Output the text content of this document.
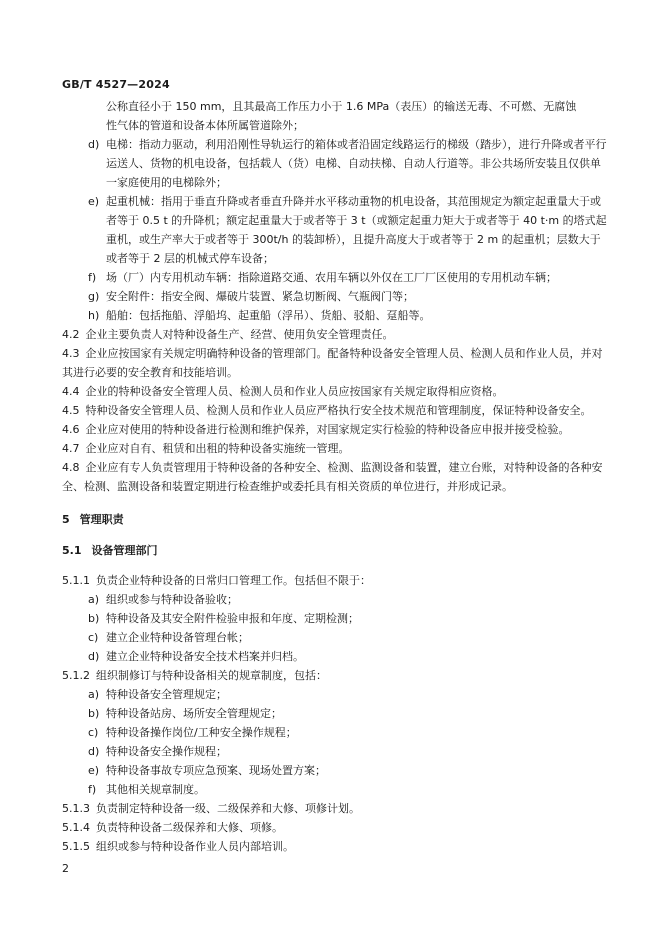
GB/T 4527—2024
公称直径小于 150 mm，且其最高工作压力小于 1.6 MPa（表压）的输送无毒、不可燃、无腐蚀
性气体的管道和设备本体所属管道除外；
d) 电梯：指动力驱动，利用沿刚性导轨运行的箱体或者沿固定线路运行的梯级（踏步），进行升降或者平行运送人、货物的机电设备，包括载人（货）电梯、自动扶梯、自动人行道等。非公共场所安装且仅供单一家庭使用的电梯除外；
e) 起重机械：指用于垂直升降或者垂直升降并水平移动重物的机电设备，其范围规定为额定起重量大于或者等于 0.5 t 的升降机；额定起重量大于或者等于 3 t（或额定起重力矩大于或者等于 40 t·m 的塔式起重机，或生产率大于或者等于 300t/h 的装卸桥），且提升高度大于或者等于 2 m 的起重机；层数大于或者等于 2 层的机械式停车设备；
f) 场（厂）内专用机动车辆：指除道路交通、农用车辆以外仅在工厂厂区使用的专用机动车辆；
g) 安全附件：指安全阀、爆破片装置、紧急切断阀、气瓶阀门等；
h) 船舶：包括拖船、浮船坞、起重船（浮吊）、货船、驳船、趸船等。
4.2 企业主要负责人对特种设备生产、经营、使用负安全管理责任。
4.3 企业应按国家有关规定明确特种设备的管理部门。配备特种设备安全管理人员、检测人员和作业人员，并对其进行必要的安全教育和技能培训。
4.4 企业的特种设备安全管理人员、检测人员和作业人员应按国家有关规定取得相应资格。
4.5 特种设备安全管理人员、检测人员和作业人员应严格执行安全技术规范和管理制度，保证特种设备安全。
4.6 企业应对使用的特种设备进行检测和维护保养，对国家规定实行检验的特种设备应申报并接受检验。
4.7 企业应对自有、租赁和出租的特种设备实施统一管理。
4.8 企业应有专人负责管理用于特种设备的各种安全、检测、监测设备和装置，建立台账，对特种设备的各种安全、检测、监测设备和装置定期进行检查维护或委托具有相关资质的单位进行，并形成记录。
5 管理职责
5.1 设备管理部门
5.1.1 负责企业特种设备的日常归口管理工作。包括但不限于：
a) 组织或参与特种设备验收；
b) 特种设备及其安全附件检验申报和年度、定期检测；
c) 建立企业特种设备管理台帐；
d) 建立企业特种设备安全技术档案并归档。
5.1.2 组织制修订与特种设备相关的规章制度，包括：
a) 特种设备安全管理规定；
b) 特种设备站房、场所安全管理规定；
c) 特种设备操作岗位/工种安全操作规程；
d) 特种设备安全操作规程；
e) 特种设备事故专项应急预案、现场处置方案；
f) 其他相关规章制度。
5.1.3 负责制定特种设备一级、二级保养和大修、项修计划。
5.1.4 负责特种设备二级保养和大修、项修。
5.1.5 组织或参与特种设备作业人员内部培训。
2
